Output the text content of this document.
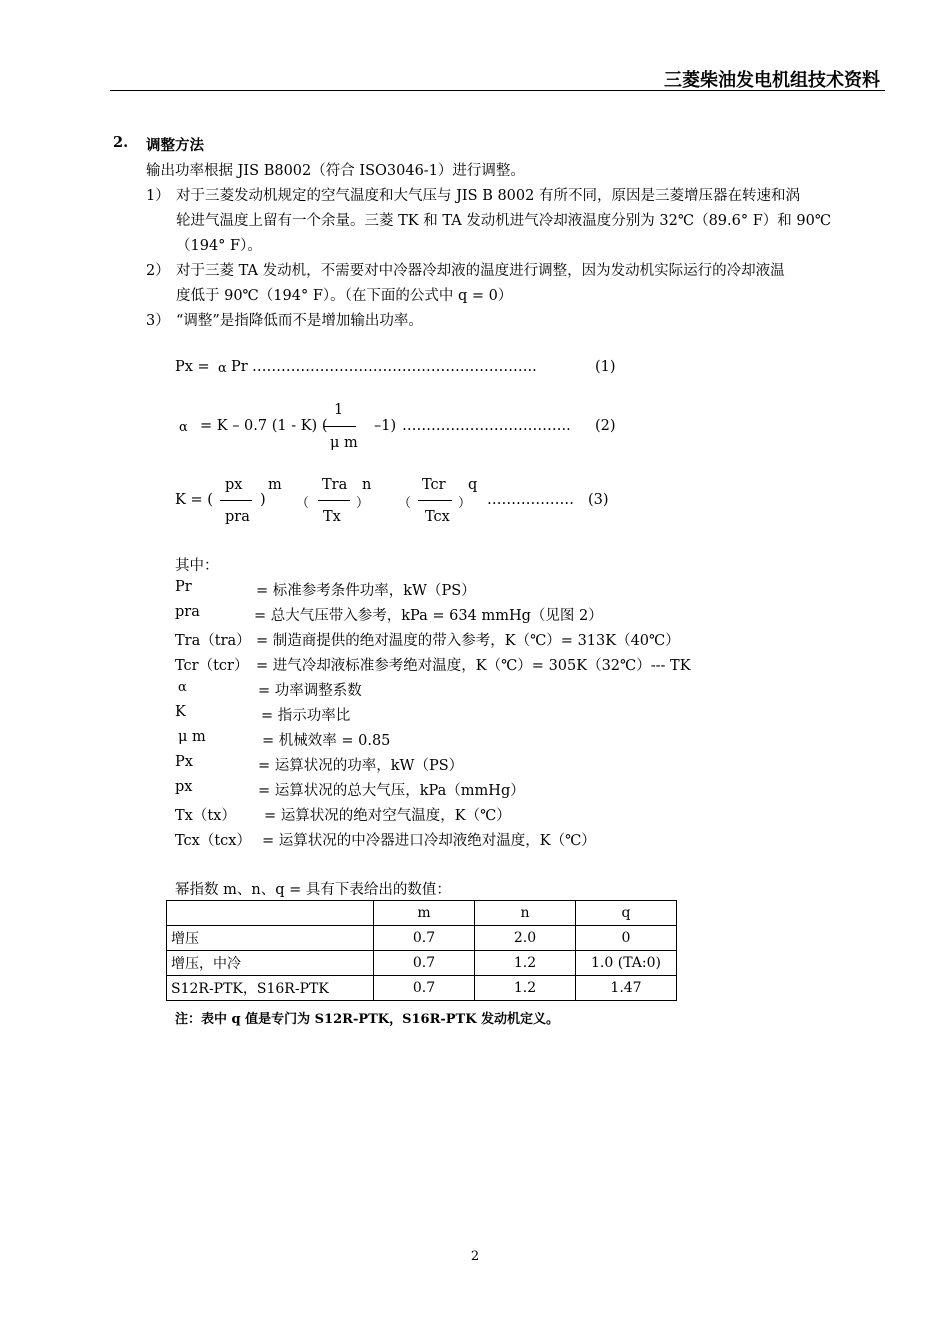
三菱柴油发电机组技术资料
2. 调整方法
输出功率根据 JIS B8002（符合 ISO3046-1）进行调整。
1） 对于三菱发动机规定的空气温度和大气压与 JIS B 8002 有所不同，原因是三菱增压器在转速和涡
轮进气温度上留有一个余量。三菱 TK 和 TA 发动机进气冷却液温度分别为 32℃（89.6° F）和 90℃
（194° F）。
2） 对于三菱 TA 发动机，不需要对中冷器冷却液的温度进行调整，因为发动机实际运行的冷却液温
度低于 90℃（194° F）。（在下面的公式中 q = 0）
3） “调整”是指降低而不是增加输出功率。
Px = α Pr …………………………………………………..	(1)
α = K – 0.7 (1 - K) (
1
μ m
–1) …………………………….. (2)
K = (
px
pra
)
m
（
Tra
Tx
）
n
（
Tcr
Tcx
）
q
……………… (3)
其中：
Pr	= 标准参考条件功率，kW（PS）
pra	= 总大气压带入参考，kPa = 634 mmHg（见图 2）
Tra（tra） = 制造商提供的绝对温度的带入参考，K（℃）= 313K（40℃）
Tcr（tcr） = 进气冷却液标准参考绝对温度，K（℃）= 305K（32℃）--- TK
α	= 功率调整系数
K	= 指示功率比
μ m	= 机械效率 = 0.85
Px	= 运算状况的功率，kW（PS）
px	= 运算状况的总大气压，kPa（mmHg）
Tx（tx） = 运算状况的绝对空气温度，K（℃）
Tcx（tcx） = 运算状况的中冷器进口冷却液绝对温度，K（℃）
幂指数 m、n、q = 具有下表给出的数值：
	m	n	q
增压	0.7	2.0	0
增压，中冷	0.7	1.2	1.0 (TA:0)
S12R-PTK，S16R-PTK	0.7	1.2	1.47
注：表中 q 值是专门为 S12R-PTK，S16R-PTK 发动机定义。
2
